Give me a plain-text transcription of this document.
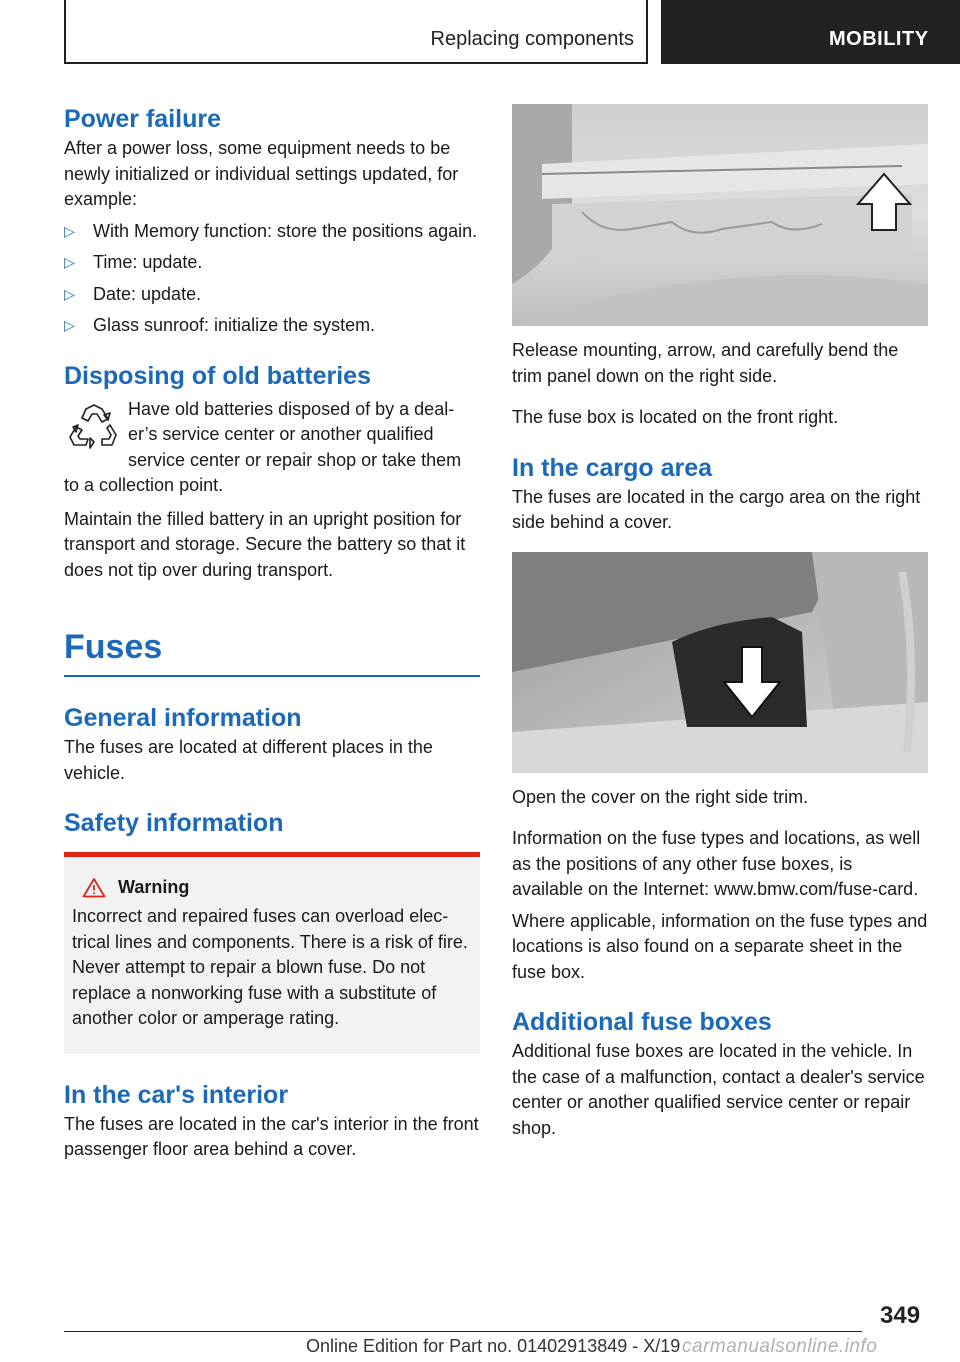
Replacing components	MOBILITY
Power failure

After a power loss, some equipment needs to be newly initialized or individual settings updated, for example:

▷ With Memory function: store the positions again.
▷ Time: update.
▷ Date: update.
▷ Glass sunroof: initialize the system.
Disposing of old batteries

Have old batteries disposed of by a deal‐er’s service center or another qualified service center or repair shop or take them to a collection point.

Maintain the filled battery in an upright position for transport and storage. Secure the battery so that it does not tip over during transport.

Fuses
General information

The fuses are located at different places in the vehicle.

Safety information
Warning

Incorrect and repaired fuses can overload elec‐trical lines and components. There is a risk of fire. Never attempt to repair a blown fuse. Do not replace a nonworking fuse with a substitute of another color or amperage rating.

In the car's interior

The fuses are located in the car's interior in the front passenger floor area behind a cover.

Release mounting, arrow, and carefully bend the trim panel down on the right side.

The fuse box is located on the front right.

In the cargo area

The fuses are located in the cargo area on the right side behind a cover.

Open the cover on the right side trim.

Information on the fuse types and locations, as well as the positions of any other fuse boxes, is available on the Internet: www.bmw.com/fuse‐card.

Where applicable, information on the fuse types and locations is also found on a separate sheet in the fuse box.

Additional fuse boxes

Additional fuse boxes are located in the vehicle. In the case of a malfunction, contact a dealer's service center or another qualified service center or repair shop.

349
Online Edition for Part no. 01402913849 - X/19 carmanualsonline.info
